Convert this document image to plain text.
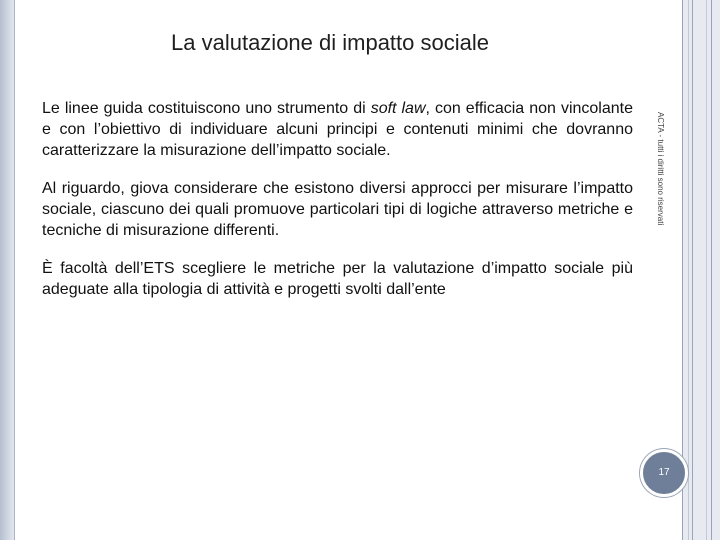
La valutazione di impatto sociale

Le linee guida costituiscono uno strumento di soft law, con efficacia non vincolante e con l’obiettivo di individuare alcuni principi e contenuti minimi che dovranno caratterizzare la misurazione dell’impatto sociale.

Al riguardo, giova considerare che esistono diversi approcci per misurare l’impatto sociale, ciascuno dei quali promuove particolari tipi di logiche attraverso metriche e tecniche di misurazione differenti.

È facoltà dell’ETS scegliere le metriche per la valutazione d’impatto sociale più adeguate alla tipologia di attività e progetti svolti dall’ente

ACTA - tutti i diritti sono riservati
17
